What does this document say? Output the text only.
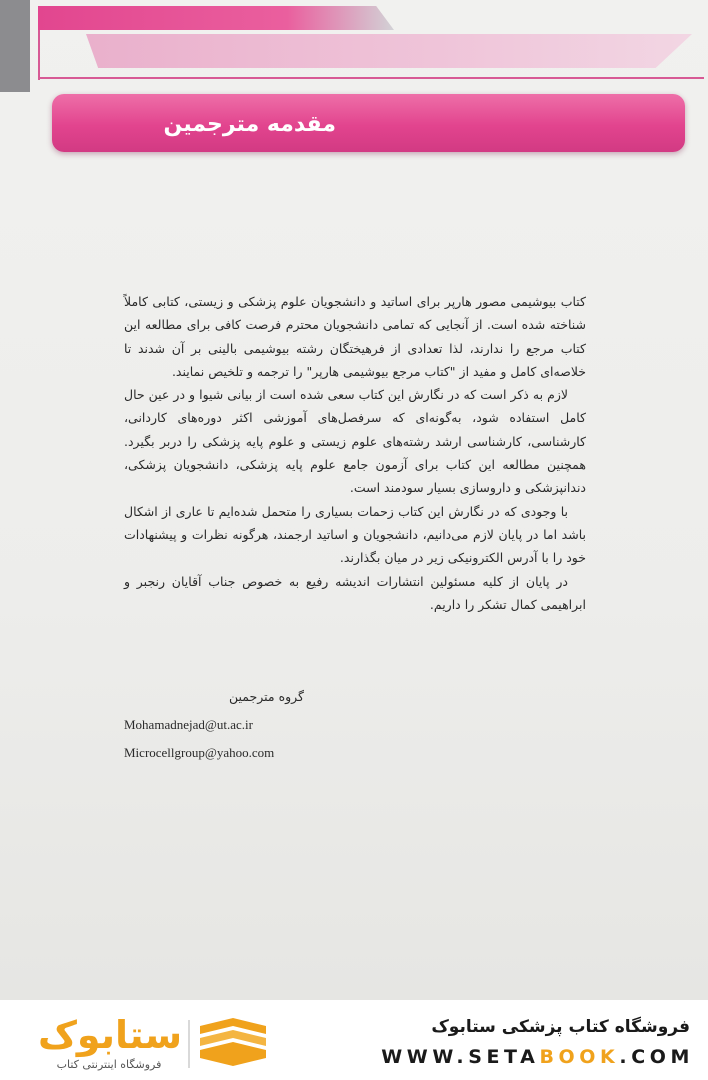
مقدمه مترجمین

کتاب بیوشیمی مصور هارپر برای اساتید و دانشجویان علوم پزشکی و زیستی، کتابی کاملاً شناخته شده است. از آنجایی که تمامی دانشجویان محترم فرصت کافی برای مطالعه این کتاب مرجع را ندارند، لذا تعدادی از فرهیختگان رشته بیوشیمی بالینی بر آن شدند تا خلاصه‌ای کامل و مفید از "کتاب مرجع بیوشیمی هارپر" را ترجمه و تلخیص نمایند.

لازم به ذکر است که در نگارش این کتاب سعی شده است از بیانی شیوا و در عین حال کامل استفاده شود، به‌گونه‌ای که سرفصل‌های آموزشی اکثر دوره‌های کاردانی، کارشناسی، کارشناسی ارشد رشته‌های علوم زیستی و علوم پایه پزشکی را دربر بگیرد. همچنین مطالعه این کتاب برای آزمون جامع علوم پایه پزشکی، دانشجویان پزشکی، دندانپزشکی و داروسازی بسیار سودمند است.

با وجودی که در نگارش این کتاب زحمات بسیاری را متحمل شده‌ایم تا عاری از اشکال باشد اما در پایان لازم می‌دانیم، دانشجویان و اساتید ارجمند، هرگونه نظرات و پیشنهادات خود را با آدرس الکترونیکی زیر در میان بگذارند.

در پایان از کلیه مسئولین انتشارات اندیشه رفیع به خصوص جناب آقایان رنجبر و ابراهیمی کمال تشکر را داریم.

گروه مترجمین
Mohamadnejad@ut.ac.ir
Microcellgroup@yahoo.com
فروشگاه کتاب پزشکی ستابوک
WWW.SETABOOK.COM
ستابوک
فروشگاه اینترنتی کتاب
